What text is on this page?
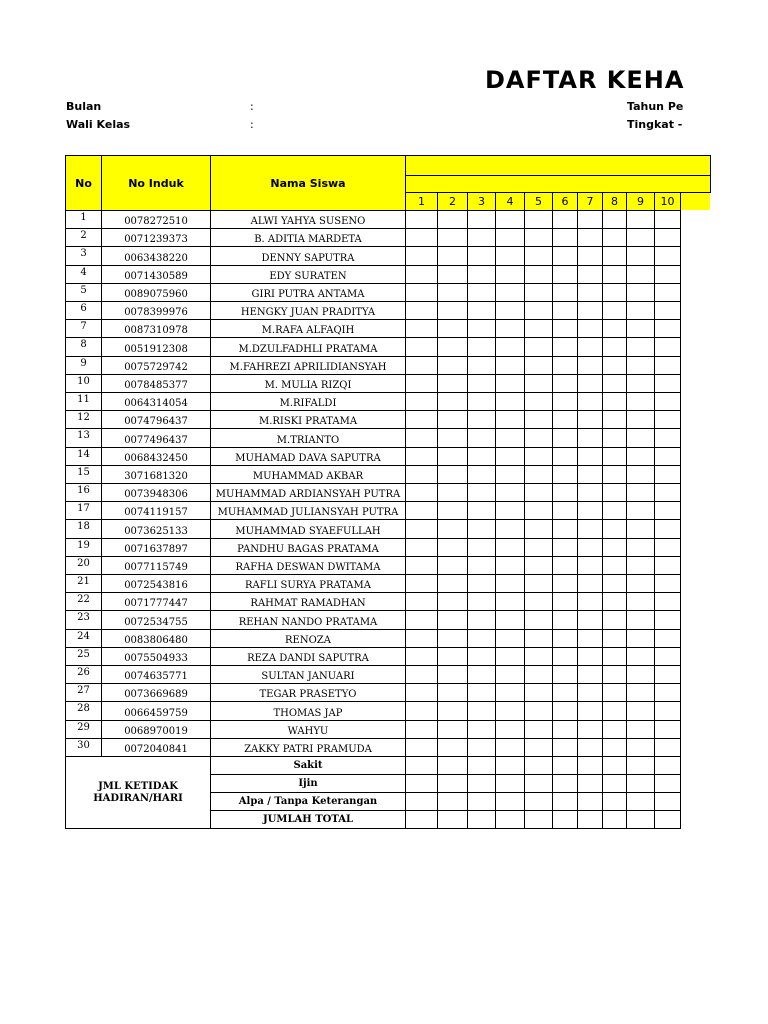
DAFTAR KEHA
Bulan	:
Wali Kelas	:
Tahun Pe
Tingkat -
No	No Induk	Nama Siswa
1	2	3	4	5	6	7	8	9	10
1	0078272510	ALWI YAHYA SUSENO
2	0071239373	B. ADITIA MARDETA
3	0063438220	DENNY SAPUTRA
4	0071430589	EDY SURATEN
5	0089075960	GIRI PUTRA ANTAMA
6	0078399976	HENGKY JUAN PRADITYA
7	0087310978	M.RAFA ALFAQIH
8	0051912308	M.DZULFADHLI PRATAMA
9	0075729742	M.FAHREZI APRILIDIANSYAH
10	0078485377	M. MULIA RIZQI
11	0064314054	M.RIFALDI
12	0074796437	M.RISKI PRATAMA
13	0077496437	M.TRIANTO
14	0068432450	MUHAMAD DAVA SAPUTRA
15	3071681320	MUHAMMAD AKBAR
16	0073948306	MUHAMMAD ARDIANSYAH PUTRA
17	0074119157	MUHAMMAD JULIANSYAH PUTRA
18	0073625133	MUHAMMAD SYAEFULLAH
19	0071637897	PANDHU BAGAS PRATAMA
20	0077115749	RAFHA DESWAN DWITAMA
21	0072543816	RAFLI SURYA PRATAMA
22	0071777447	RAHMAT RAMADHAN
23	0072534755	REHAN NANDO PRATAMA
24	0083806480	RENOZA
25	0075504933	REZA DANDI SAPUTRA
26	0074635771	SULTAN JANUARI
27	0073669689	TEGAR PRASETYO
28	0066459759	THOMAS JAP
29	0068970019	WAHYU
30	0072040841	ZAKKY PATRI PRAMUDA
JML KETIDAK HADIRAN/HARI
Sakit
Ijin
Alpa / Tanpa Keterangan
JUMLAH TOTAL
